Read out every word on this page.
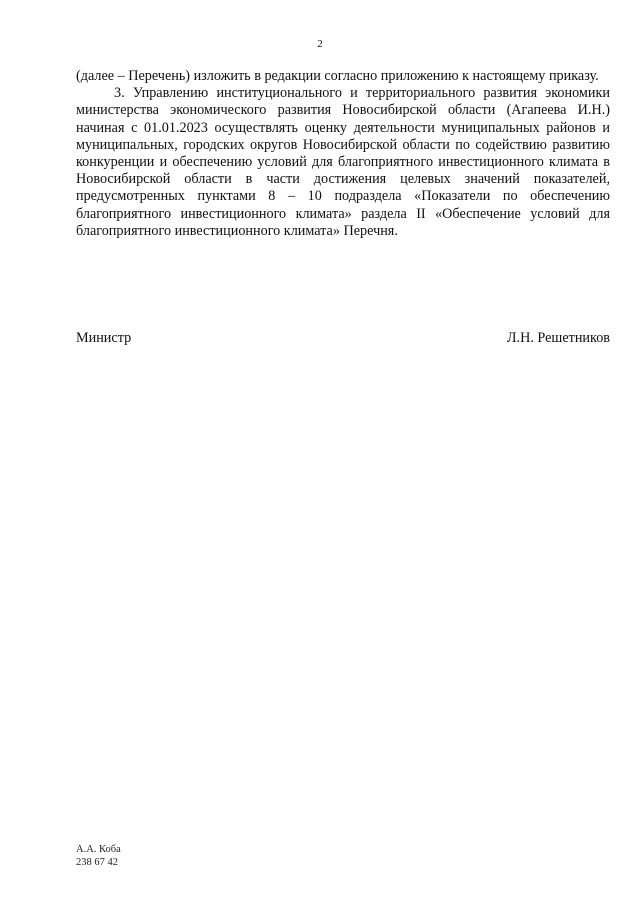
2

(далее – Перечень) изложить в редакции согласно приложению к настоящему приказу.

3. Управлению институционального и территориального развития экономики министерства экономического развития Новосибирской области (Агапеева И.Н.) начиная с 01.01.2023 осуществлять оценку деятельности муниципальных районов и муниципальных, городских округов Новосибирской области по содействию развитию конкуренции и обеспечению условий для благоприятного инвестиционного климата в Новосибирской области в части достижения целевых значений показателей, предусмотренных пунктами 8 – 10 подраздела «Показатели по обеспечению благоприятного инвестиционного климата» раздела II «Обеспечение условий для благоприятного инвестиционного климата» Перечня.

Министр	Л.Н. Решетников
А.А. Коба
238 67 42
